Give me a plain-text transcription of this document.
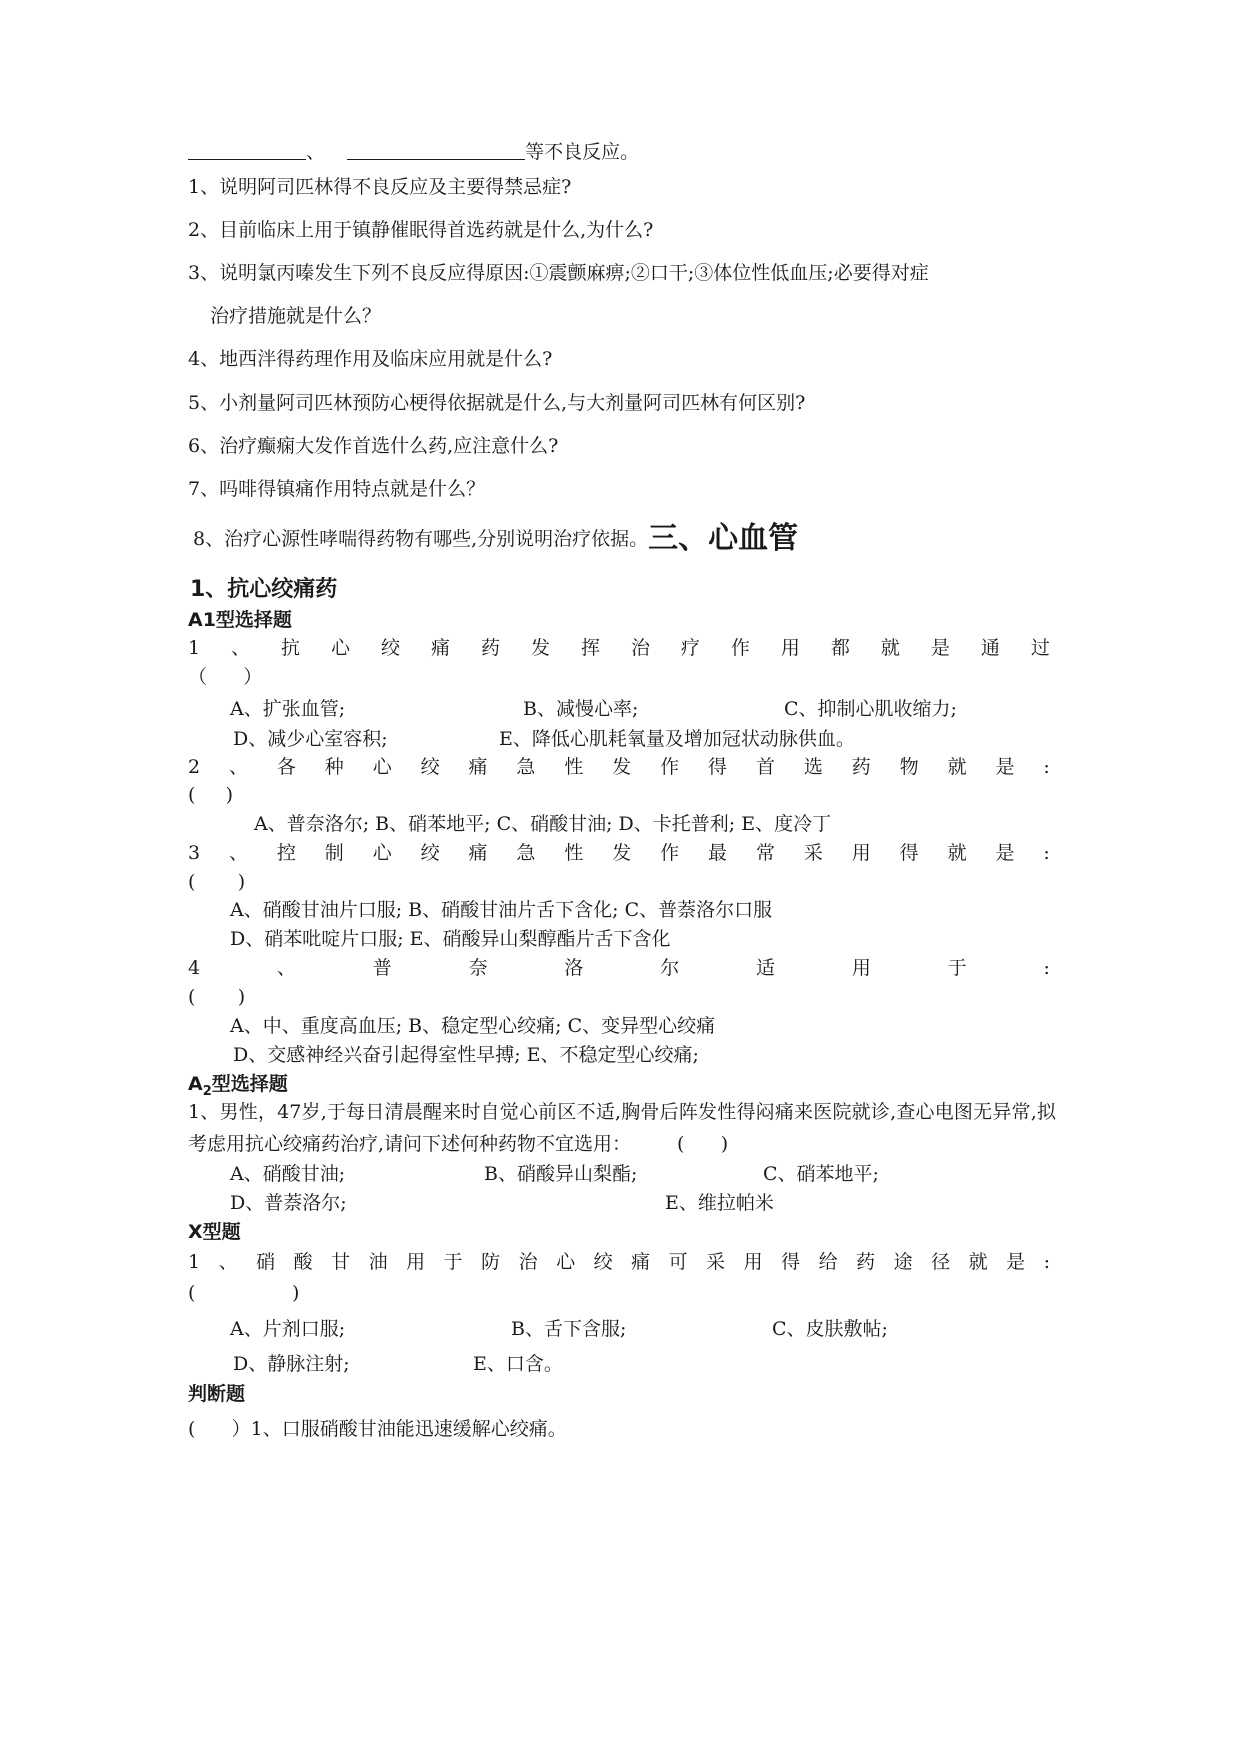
、	等不良反应。
1、说明阿司匹林得不良反应及主要得禁忌症?
2、目前临床上用于镇静催眠得首选药就是什么,为什么?
3、说明氯丙嗪发生下列不良反应得原因:①震颤麻痹;②口干;③体位性低血压;必要得对症
治疗措施就是什么？
4、地西泮得药理作用及临床应用就是什么?
5、小剂量阿司匹林预防心梗得依据就是什么,与大剂量阿司匹林有何区别?
6、治疗癫痫大发作首选什么药,应注意什么?
7、吗啡得镇痛作用特点就是什么？
8、治疗心源性哮喘得药物有哪些,分别说明治疗依据。三、心血管
1、抗心绞痛药
A1型选择题
1 、 抗 心 绞 痛 药 发 挥 治 疗 作 用 都 就 是 通 过
（      ）
A、扩张血管;	B、减慢心率;	C、抑制心肌收缩力;
D、减少心室容积;	E、降低心肌耗氧量及增加冠状动脉供血。
2 、 各 种 心 绞 痛 急 性 发 作 得 首 选 药 物 就 是 :
(     )
A、普奈洛尔; B、硝苯地平; C、硝酸甘油; D、卡托普利; E、度冷丁
3 、 控 制 心 绞 痛 急 性 发 作 最 常 采 用 得 就 是 :
(       )
A、硝酸甘油片口服; B、硝酸甘油片舌下含化; C、普萘洛尔口服
D、硝苯吡啶片口服; E、硝酸异山梨醇酯片舌下含化
4	、	普	奈	洛	尔	适	用	于	:
(       )
A、中、重度高血压; B、稳定型心绞痛; C、变异型心绞痛
D、交感神经兴奋引起得室性早搏; E、不稳定型心绞痛;
$A_2$型选择题
1、男性，47岁,于每日清晨醒来时自觉心前区不适,胸骨后阵发性得闷痛来医院就诊,查心电图无异常,拟考虑用抗心绞痛药治疗,请问下述何种药物不宜选用： (      )
A、硝酸甘油;	B、硝酸异山梨酯;	C、硝苯地平;
D、普萘洛尔;	E、维拉帕米
X型题
1 、 硝 酸 甘 油 用 于 防 治 心 绞 痛 可 采 用 得 给 药 途 径 就 是 :
(                )
A、片剂口服;	B、舌下含服;	C、皮肤敷帖;
D、静脉注射;	E、口含。
判断题
(      ）1、口服硝酸甘油能迅速缓解心绞痛。
